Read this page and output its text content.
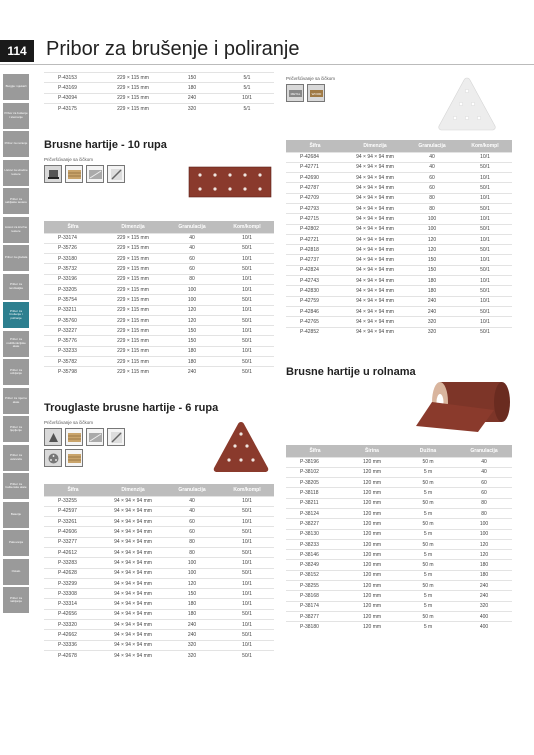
114 Pribor za brušenje i poliranje
Burgije i sjekači
Pribor za bušenje i stemanje
Pribor za rezanje
Listovi za ubodne testere
Pribor za sabljaste testere
Listovi za kružne testere
Pribor za glodala
Pribor za rendisaljke
Pribor za brušenje i poliranje
Pribor za multifunkcijske alate
Pribor za odvijanje
Pribor za mjerne alate
Pribor za ljepljenje
Pribor za usisivače
Pribor za baštenske alate
Baterije
Pakovanja
Ostalo
Pribor za nabijanje
P-43153	229 × 115 mm	150	5/1
P-43169	229 × 115 mm	180	5/1
P-43094	229 × 115 mm	240	10/1
P-43175	229 × 115 mm	320	5/1
Brusne hartije - 10 rupa
Pričvršćivanje sa čičkom
Šifra	Dimenzija	Granulacija	Kom/kompl
P-33174	229 × 115 mm	40	10/1
P-35726	229 × 115 mm	40	50/1
P-33180	229 × 115 mm	60	10/1
P-35732	229 × 115 mm	60	50/1
P-33196	229 × 115 mm	80	10/1
P-33205	229 × 115 mm	100	10/1
P-35754	229 × 115 mm	100	50/1
P-33211	229 × 115 mm	120	10/1
P-35760	229 × 115 mm	120	50/1
P-33227	229 × 115 mm	150	10/1
P-35776	229 × 115 mm	150	50/1
P-33233	229 × 115 mm	180	10/1
P-35782	229 × 115 mm	180	50/1
P-35798	229 × 115 mm	240	50/1
Trouglaste brusne hartije - 6 rupa
Pričvršćivanje sa čičkom
Šifra	Dimenzija	Granulacija	Kom/kompl
P-33255	94 × 94 × 94 mm	40	10/1
P-42597	94 × 94 × 94 mm	40	50/1
P-33261	94 × 94 × 94 mm	60	10/1
P-42606	94 × 94 × 94 mm	60	50/1
P-33277	94 × 94 × 94 mm	80	10/1
P-42612	94 × 94 × 94 mm	80	50/1
P-33283	94 × 94 × 94 mm	100	10/1
P-42628	94 × 94 × 94 mm	100	50/1
P-33299	94 × 94 × 94 mm	120	10/1
P-33308	94 × 94 × 94 mm	150	10/1
P-33314	94 × 94 × 94 mm	180	10/1
P-42656	94 × 94 × 94 mm	180	50/1
P-33320	94 × 94 × 94 mm	240	10/1
P-42662	94 × 94 × 94 mm	240	50/1
P-33336	94 × 94 × 94 mm	320	10/1
P-42678	94 × 94 × 94 mm	320	50/1
Pričvršćivanje sa čičkom
METAL	WOOD
Šifra	Dimenzija	Granulacija	Kom/kompl
P-42684	94 × 94 × 94 mm	40	10/1
P-42771	94 × 94 × 94 mm	40	50/1
P-42690	94 × 94 × 94 mm	60	10/1
P-42787	94 × 94 × 94 mm	60	50/1
P-42709	94 × 94 × 94 mm	80	10/1
P-42793	94 × 94 × 94 mm	80	50/1
P-42715	94 × 94 × 94 mm	100	10/1
P-42802	94 × 94 × 94 mm	100	50/1
P-42721	94 × 94 × 94 mm	120	10/1
P-42818	94 × 94 × 94 mm	120	50/1
P-42737	94 × 94 × 94 mm	150	10/1
P-42824	94 × 94 × 94 mm	150	50/1
P-42743	94 × 94 × 94 mm	180	10/1
P-42830	94 × 94 × 94 mm	180	50/1
P-42759	94 × 94 × 94 mm	240	10/1
P-42846	94 × 94 × 94 mm	240	50/1
P-42765	94 × 94 × 94 mm	320	10/1
P-42852	94 × 94 × 94 mm	320	50/1
Brusne hartije u rolnama
Šifra	Širina	Dužina	Granulacija
P-38196	120 mm	50 m	40
P-38102	120 mm	5 m	40
P-38205	120 mm	50 m	60
P-38118	120 mm	5 m	60
P-38211	120 mm	50 m	80
P-38124	120 mm	5 m	80
P-38227	120 mm	50 m	100
P-38130	120 mm	5 m	100
P-38233	120 mm	50 m	120
P-38146	120 mm	5 m	120
P-38249	120 mm	50 m	180
P-38152	120 mm	5 m	180
P-38255	120 mm	50 m	240
P-38168	120 mm	5 m	240
P-38174	120 mm	5 m	320
P-38277	120 mm	50 m	400
P-38180	120 mm	5 m	400
